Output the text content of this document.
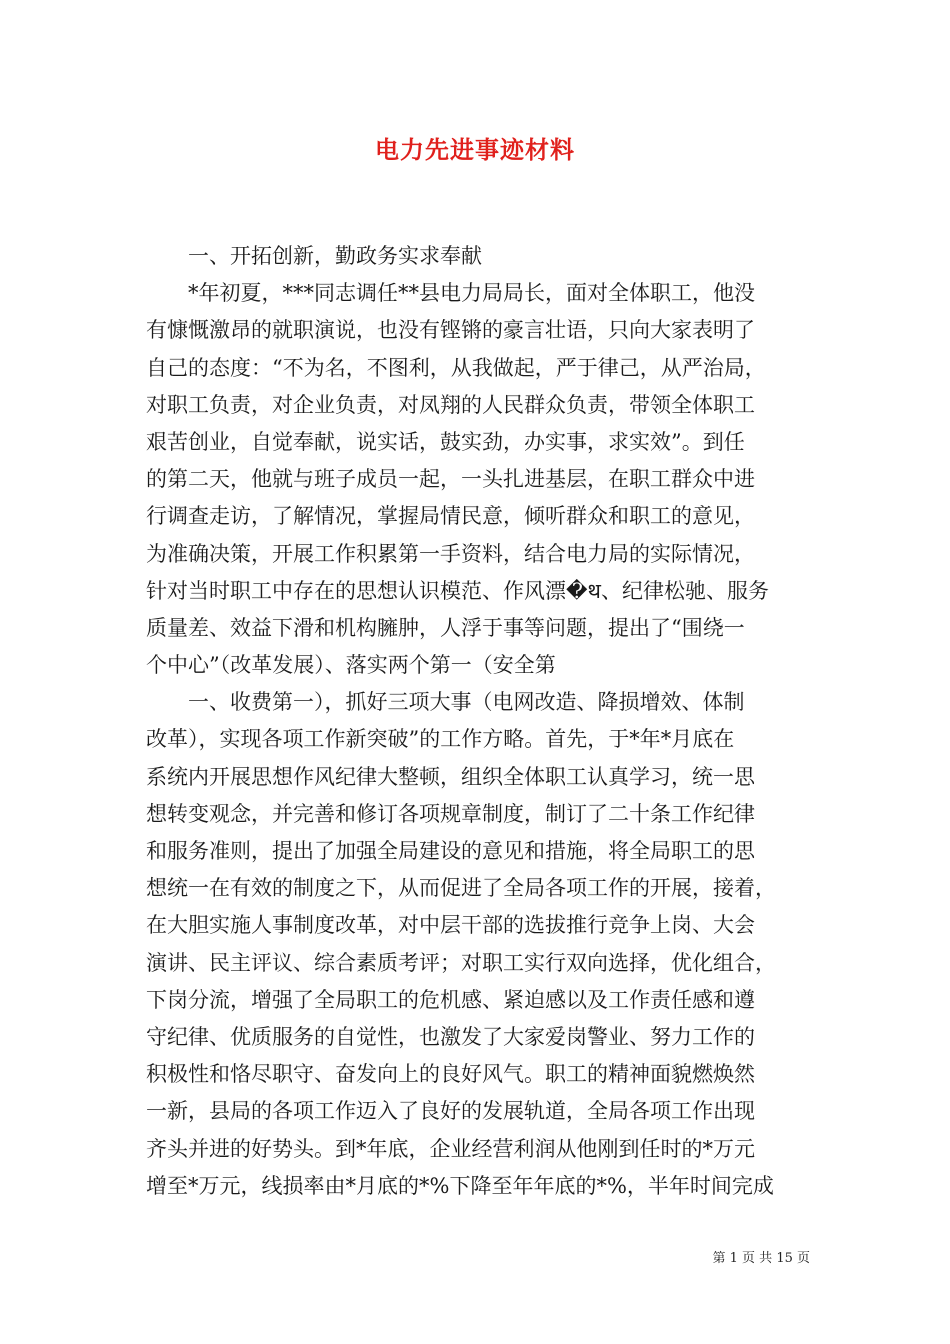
电力先进事迹材料
一、开拓创新，勤政务实求奉献
*年初夏，***同志调任**县电力局局长，面对全体职工，他没
有慷慨激昂的就职演说，也没有铿锵的豪言壮语，只向大家表明了
自己的态度：“不为名，不图利，从我做起，严于律己，从严治局，
对职工负责，对企业负责，对凤翔的人民群众负责，带领全体职工
艰苦创业，自觉奉献，说实话，鼓实劲，办实事，求实效”。到任
的第二天，他就与班子成员一起，一头扎进基层，在职工群众中进
行调查走访，了解情况，掌握局情民意，倾听群众和职工的意见，
为准确决策，开展工作积累第一手资料，结合电力局的实际情况，
针对当时职工中存在的思想认识模范、作风漂�थ、纪律松驰、服务
质量差、效益下滑和机构臃肿，人浮于事等问题，提出了“围绕一
个中心”（改革发展）、落实两个第一（安全第
一、收费第一），抓好三项大事（电网改造、降损增效、体制
改革），实现各项工作新突破”的工作方略。首先，于*年*月底在
系统内开展思想作风纪律大整顿，组织全体职工认真学习，统一思
想转变观念，并完善和修订各项规章制度，制订了二十条工作纪律
和服务准则，提出了加强全局建设的意见和措施，将全局职工的思
想统一在有效的制度之下，从而促进了全局各项工作的开展，接着，
在大胆实施人事制度改革，对中层干部的选拔推行竞争上岗、大会
演讲、民主评议、综合素质考评；对职工实行双向选择，优化组合，
下岗分流，增强了全局职工的危机感、紧迫感以及工作责任感和遵
守纪律、优质服务的自觉性，也激发了大家爱岗警业、努力工作的
积极性和恪尽职守、奋发向上的良好风气。职工的精神面貌燃焕然
一新，县局的各项工作迈入了良好的发展轨道，全局各项工作出现
齐头并进的好势头。到*年底，企业经营利润从他刚到任时的*万元
增至*万元，线损率由*月底的*%下降至年年底的*%，半年时间完成
第 1 页 共 15 页
